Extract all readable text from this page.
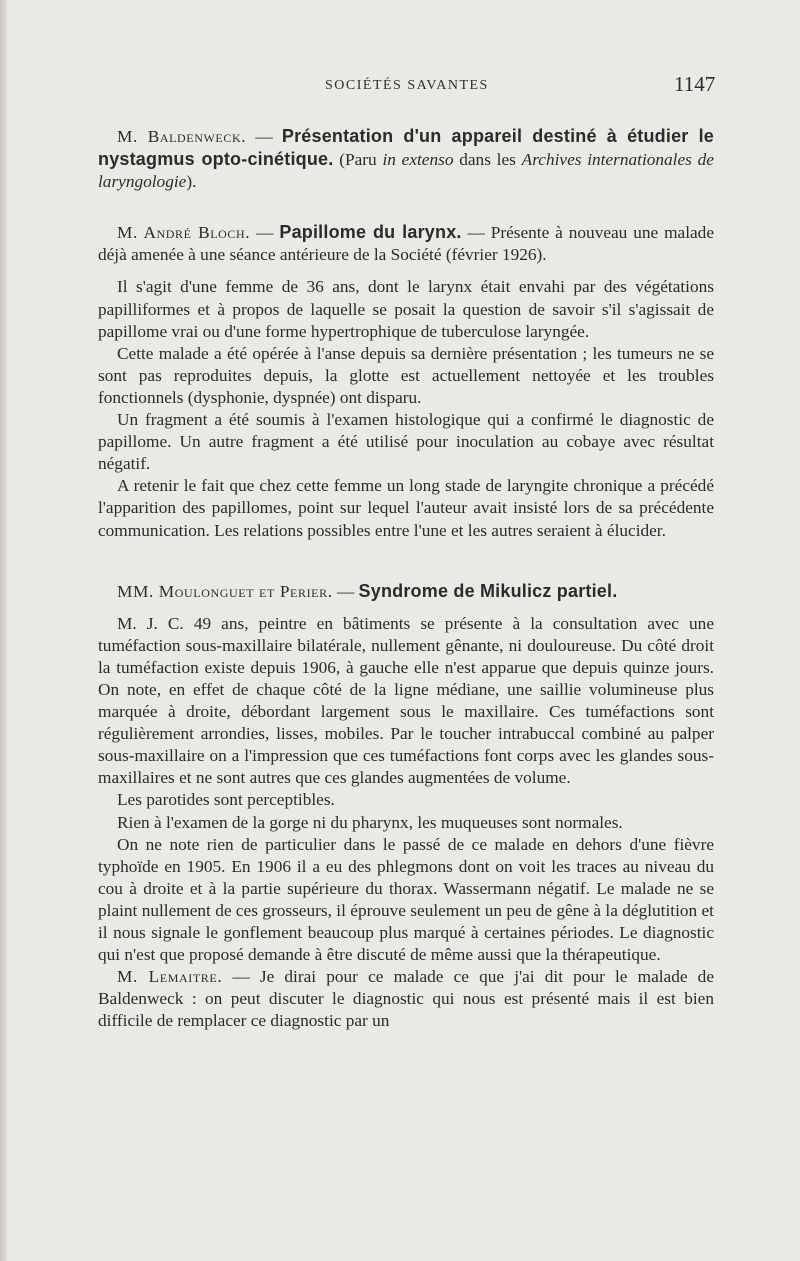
SOCIÉTÉS SAVANTES	1147

M. Baldenweck. — Présentation d'un appareil destiné à étudier le nystagmus opto-cinétique. (Paru in extenso dans les Archives internationales de laryngologie).

M. André Bloch. — Papillome du larynx. — Présente à nouveau une malade déjà amenée à une séance antérieure de la Société (février 1926).

Il s'agit d'une femme de 36 ans, dont le larynx était envahi par des végétations papilliformes et à propos de laquelle se posait la question de savoir s'il s'agissait de papillome vrai ou d'une forme hypertrophique de tuberculose laryngée.

Cette malade a été opérée à l'anse depuis sa dernière présentation ; les tumeurs ne se sont pas reproduites depuis, la glotte est actuellement nettoyée et les troubles fonctionnels (dysphonie, dyspnée) ont disparu.

Un fragment a été soumis à l'examen histologique qui a confirmé le diagnostic de papillome. Un autre fragment a été utilisé pour inoculation au cobaye avec résultat négatif.

A retenir le fait que chez cette femme un long stade de laryngite chronique a précédé l'apparition des papillomes, point sur lequel l'auteur avait insisté lors de sa précédente communication. Les relations possibles entre l'une et les autres seraient à élucider.

MM. Moulonguet et Perier. — Syndrome de Mikulicz partiel.

M. J. C. 49 ans, peintre en bâtiments se présente à la consultation avec une tuméfaction sous-maxillaire bilatérale, nullement gênante, ni douloureuse. Du côté droit la tuméfaction existe depuis 1906, à gauche elle n'est apparue que depuis quinze jours. On note, en effet de chaque côté de la ligne médiane, une saillie volumineuse plus marquée à droite, débordant largement sous le maxillaire. Ces tuméfactions sont régulièrement arrondies, lisses, mobiles. Par le toucher intrabuccal combiné au palper sous-maxillaire on a l'impression que ces tuméfactions font corps avec les glandes sous-maxillaires et ne sont autres que ces glandes augmentées de volume.

Les parotides sont perceptibles.

Rien à l'examen de la gorge ni du pharynx, les muqueuses sont normales.

On ne note rien de particulier dans le passé de ce malade en dehors d'une fièvre typhoïde en 1905. En 1906 il a eu des phlegmons dont on voit les traces au niveau du cou à droite et à la partie supérieure du thorax. Wassermann négatif. Le malade ne se plaint nullement de ces grosseurs, il éprouve seulement un peu de gêne à la déglutition et il nous signale le gonflement beaucoup plus marqué à certaines périodes. Le diagnostic qui n'est que proposé demande à être discuté de même aussi que la thérapeutique.

M. Lemaitre. — Je dirai pour ce malade ce que j'ai dit pour le malade de Baldenweck : on peut discuter le diagnostic qui nous est présenté mais il est bien difficile de remplacer ce diagnostic par un
